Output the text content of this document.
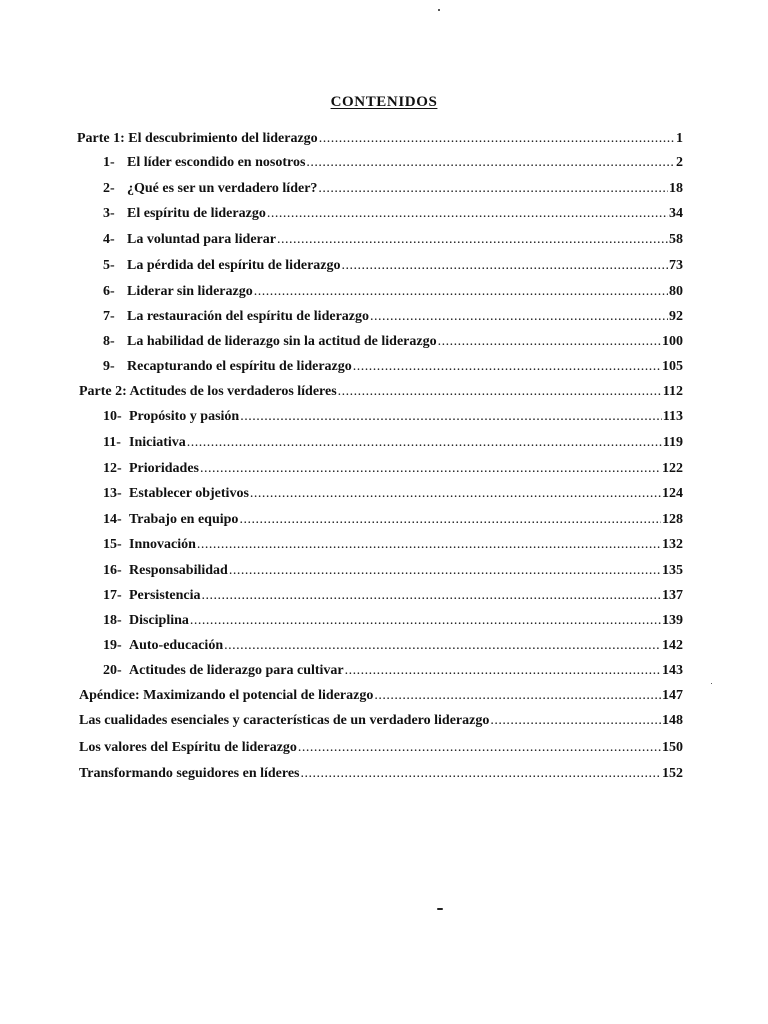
CONTENIDOS
Parte 1: El descubrimiento del liderazgo .....	1
1- El líder escondido en nosotros .....	2
2- ¿Qué es ser un verdadero líder? .....	18
3- El espíritu de liderazgo .....	34
4- La voluntad para liderar .....	58
5- La pérdida del espíritu de liderazgo .....	73
6- Liderar sin liderazgo .....	80
7- La restauración del espíritu de liderazgo .....	92
8- La habilidad de liderazgo sin la actitud de liderazgo .....	100
9- Recapturando el espíritu de liderazgo .....	105
Parte 2: Actitudes de los verdaderos líderes .....	112
10- Propósito y pasión .....	113
11- Iniciativa .....	119
12- Prioridades .....	122
13- Establecer objetivos .....	124
14- Trabajo en equipo .....	128
15- Innovación .....	132
16- Responsabilidad .....	135
17- Persistencia .....	137
18- Disciplina .....	139
19- Auto-educación .....	142
20- Actitudes de liderazgo para cultivar .....	143
Apéndice: Maximizando el potencial de liderazgo .....	147
Las cualidades esenciales y características de un verdadero liderazgo .....	148
Los valores del Espíritu de liderazgo .....	150
Transformando seguidores en líderes .....	152
